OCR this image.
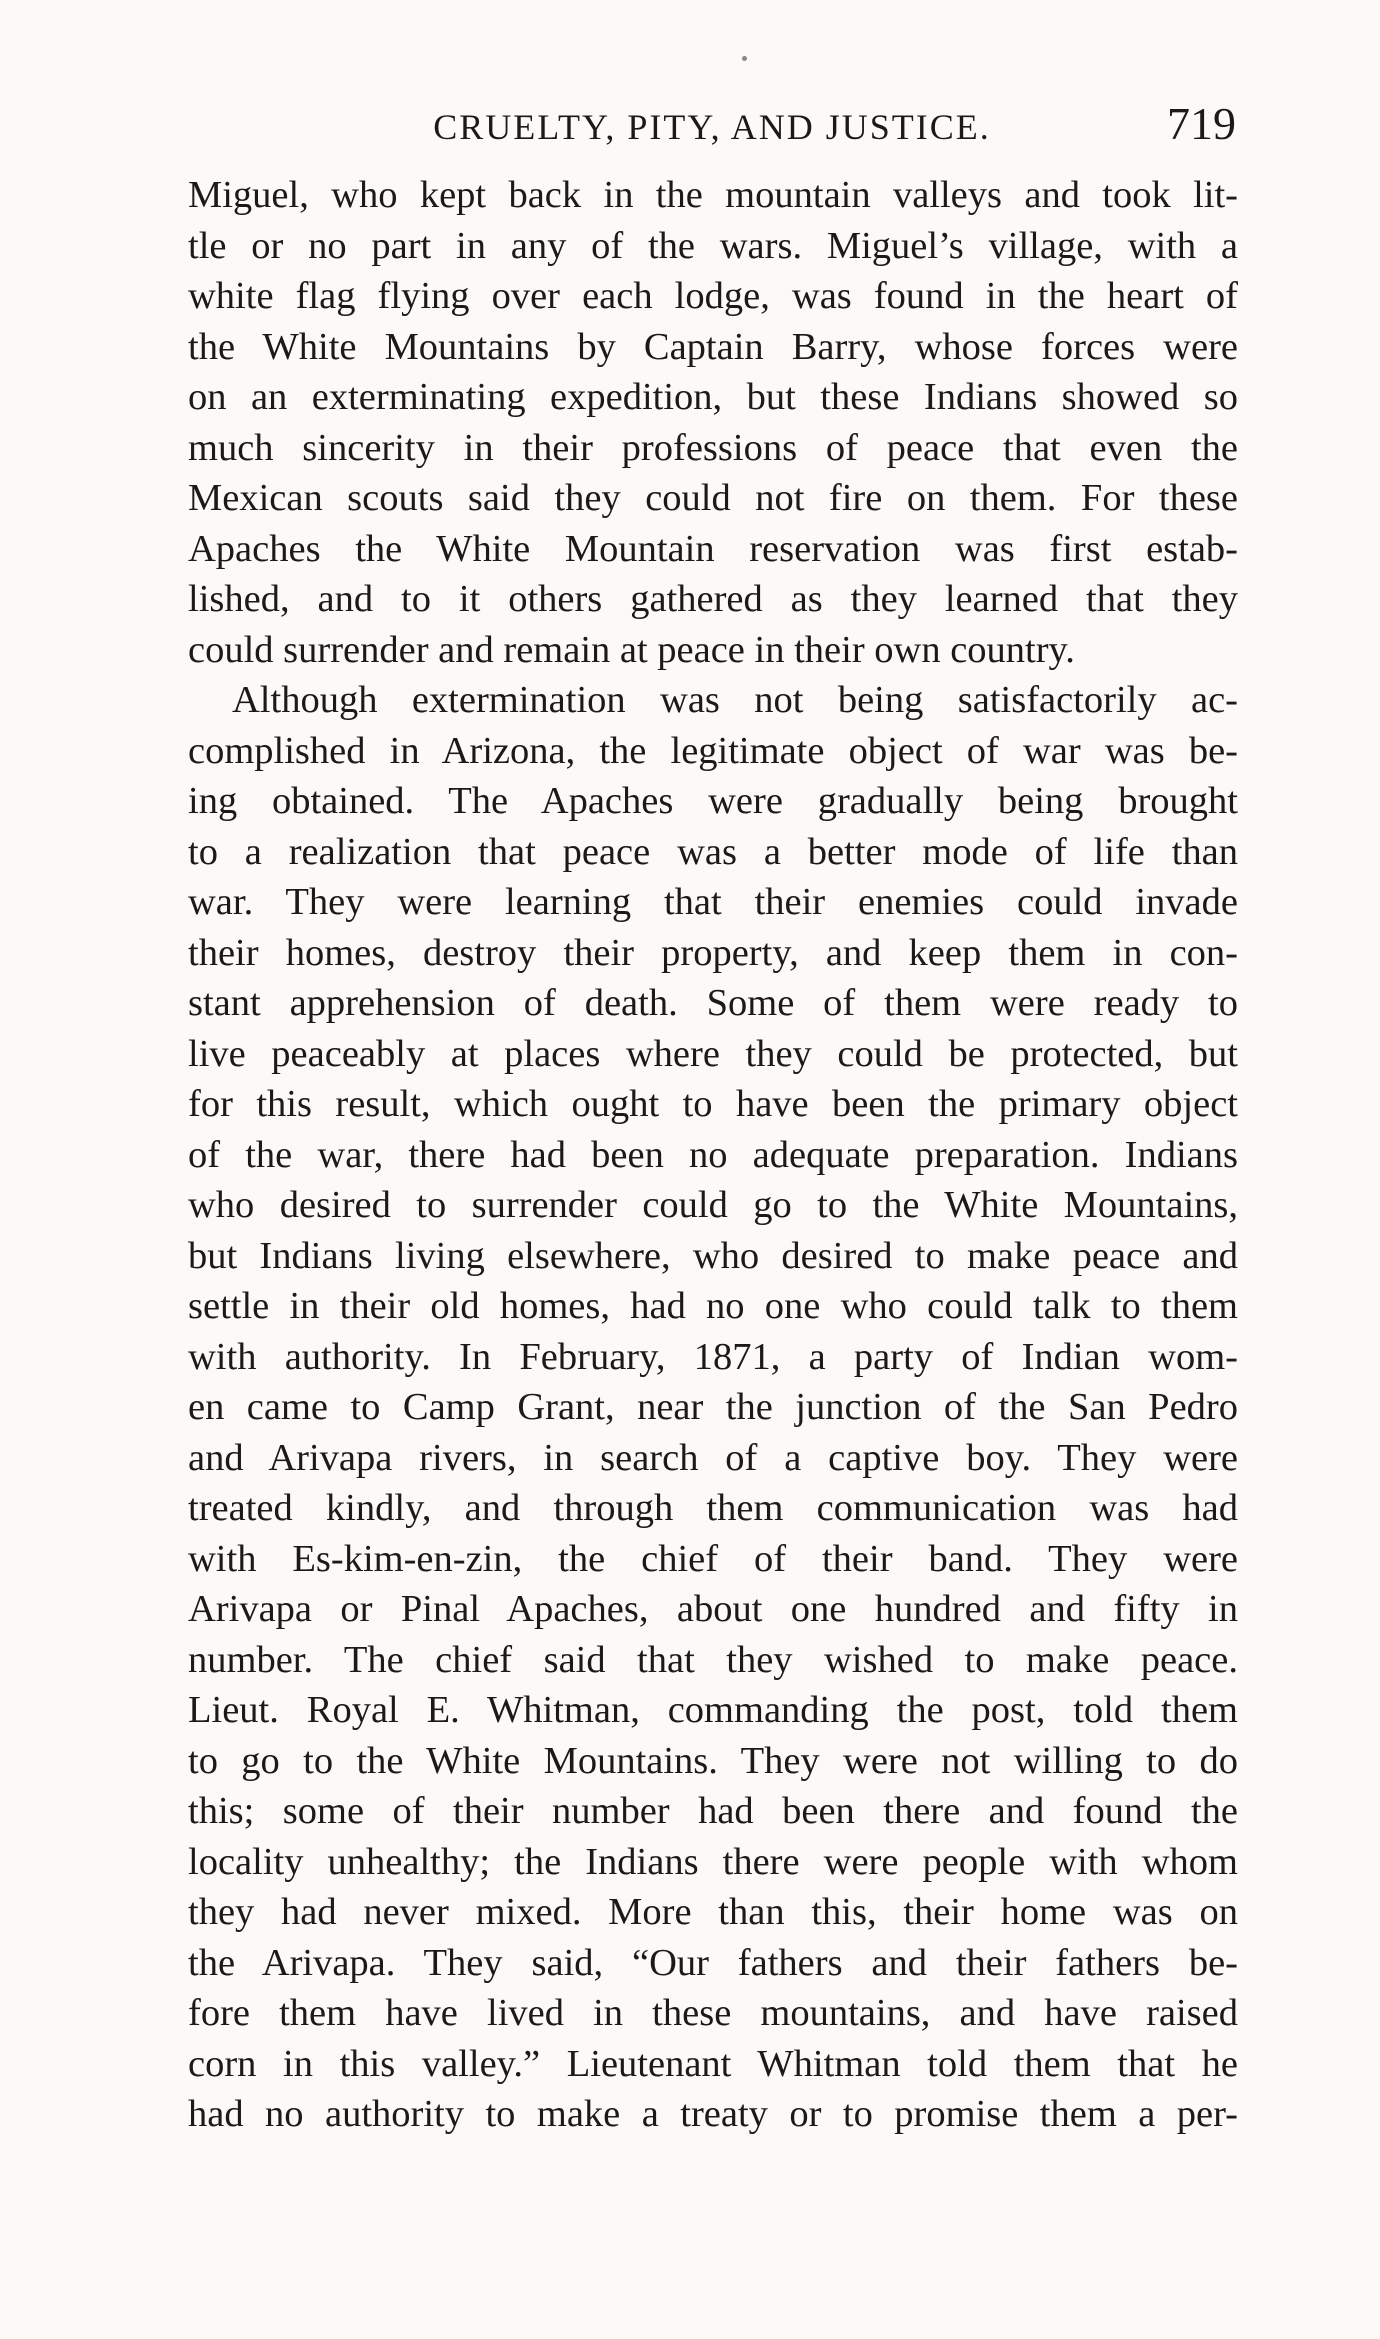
CRUELTY, PITY, AND JUSTICE.	719
Miguel, who kept back in the mountain valleys and took lit-
tle or no part in any of the wars. Miguel’s village, with a
white flag flying over each lodge, was found in the heart of
the White Mountains by Captain Barry, whose forces were
on an exterminating expedition, but these Indians showed so
much sincerity in their professions of peace that even the
Mexican scouts said they could not fire on them. For these
Apaches the White Mountain reservation was first estab-
lished, and to it others gathered as they learned that they
could surrender and remain at peace in their own country.
Although extermination was not being satisfactorily ac-
complished in Arizona, the legitimate object of war was be-
ing obtained. The Apaches were gradually being brought
to a realization that peace was a better mode of life than
war. They were learning that their enemies could invade
their homes, destroy their property, and keep them in con-
stant apprehension of death. Some of them were ready to
live peaceably at places where they could be protected, but
for this result, which ought to have been the primary object
of the war, there had been no adequate preparation. Indians
who desired to surrender could go to the White Mountains,
but Indians living elsewhere, who desired to make peace and
settle in their old homes, had no one who could talk to them
with authority. In February, 1871, a party of Indian wom-
en came to Camp Grant, near the junction of the San Pedro
and Arivapa rivers, in search of a captive boy. They were
treated kindly, and through them communication was had
with Es-kim-en-zin, the chief of their band. They were
Arivapa or Pinal Apaches, about one hundred and fifty in
number. The chief said that they wished to make peace.
Lieut. Royal E. Whitman, commanding the post, told them
to go to the White Mountains. They were not willing to do
this; some of their number had been there and found the
locality unhealthy; the Indians there were people with whom
they had never mixed. More than this, their home was on
the Arivapa. They said, “Our fathers and their fathers be-
fore them have lived in these mountains, and have raised
corn in this valley.” Lieutenant Whitman told them that he
had no authority to make a treaty or to promise them a per-
